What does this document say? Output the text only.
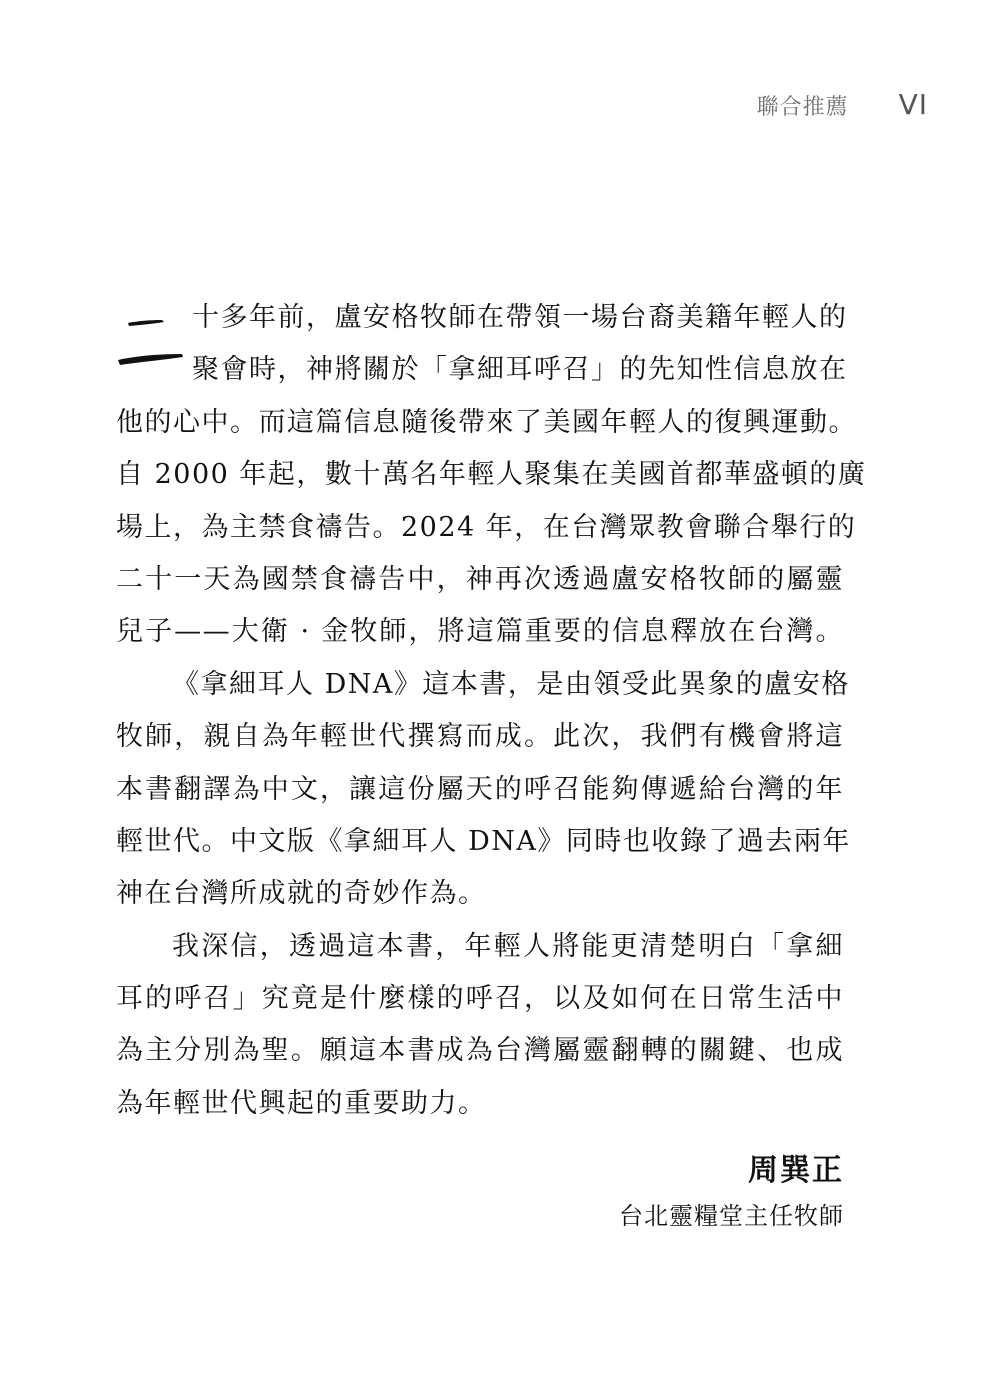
聯合推薦 VI
十多年前，盧安格牧師在帶領一場台裔美籍年輕人的
聚會時，神將關於「拿細耳呼召」的先知性信息放在
他的心中。而這篇信息隨後帶來了美國年輕人的復興運動。
自 2000 年起，數十萬名年輕人聚集在美國首都華盛頓的廣
場上，為主禁食禱告。2024 年，在台灣眾教會聯合舉行的
二十一天為國禁食禱告中，神再次透過盧安格牧師的屬靈
兒子——大衛 · 金牧師，將這篇重要的信息釋放在台灣。
《拿細耳人 DNA》這本書，是由領受此異象的盧安格
牧師，親自為年輕世代撰寫而成。此次，我們有機會將這
本書翻譯為中文，讓這份屬天的呼召能夠傳遞給台灣的年
輕世代。中文版《拿細耳人 DNA》同時也收錄了過去兩年
神在台灣所成就的奇妙作為。
我深信，透過這本書，年輕人將能更清楚明白「拿細
耳的呼召」究竟是什麼樣的呼召，以及如何在日常生活中
為主分別為聖。願這本書成為台灣屬靈翻轉的關鍵、也成
為年輕世代興起的重要助力。
周巽正
台北靈糧堂主任牧師
